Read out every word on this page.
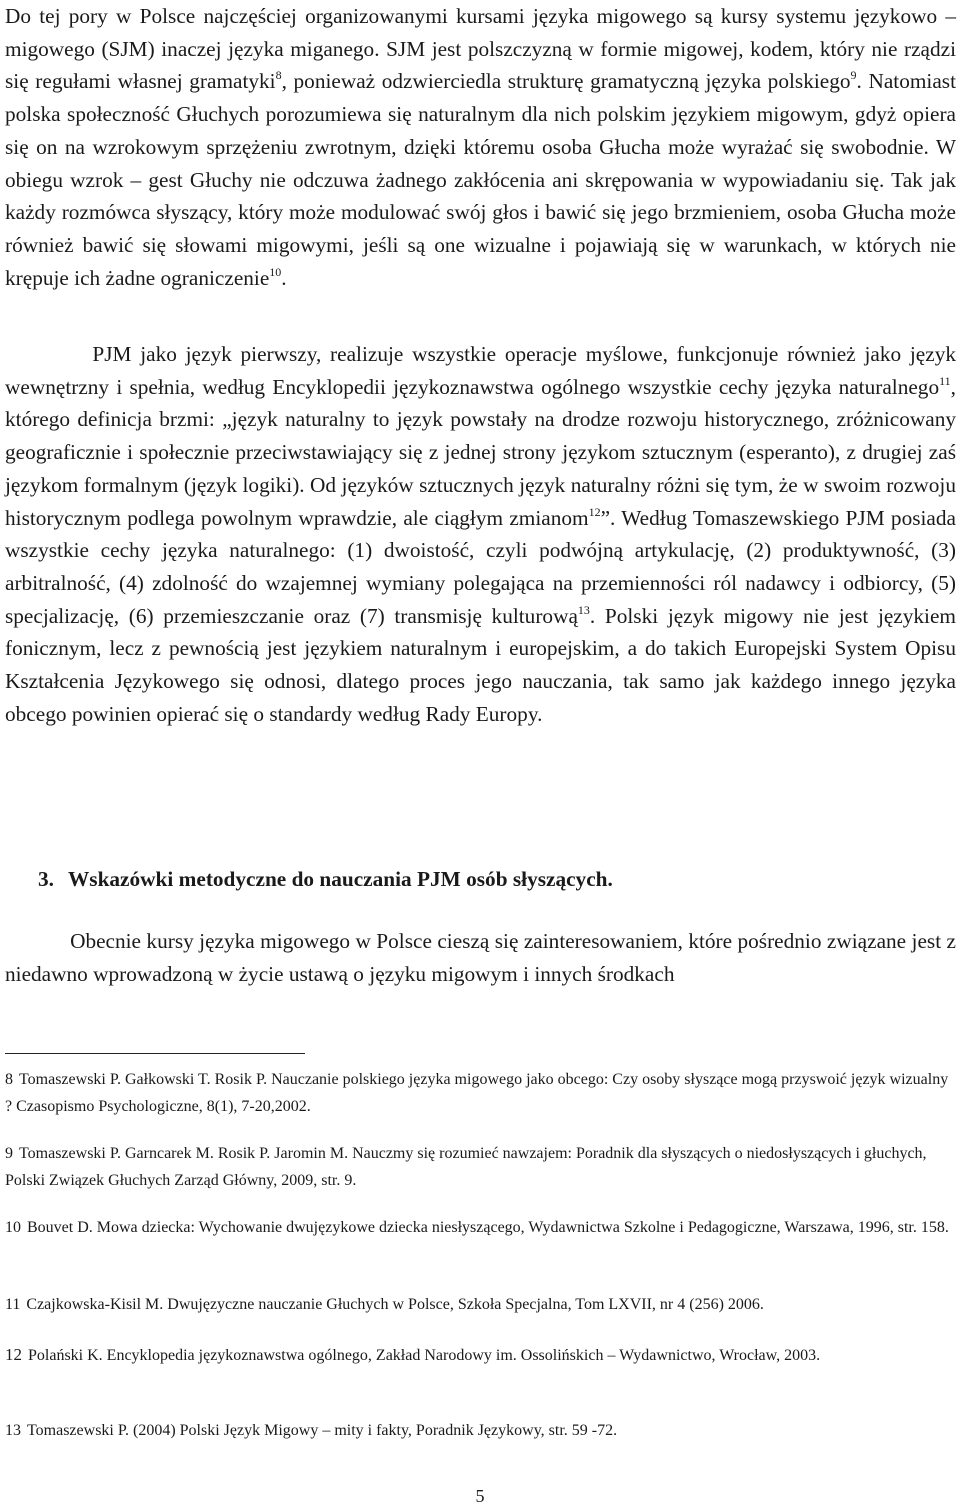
Do tej pory w Polsce najczęściej organizowanymi kursami języka migowego są kursy systemu językowo – migowego (SJM) inaczej języka miganego. SJM jest polszczyzną w formie migowej, kodem, który nie rządzi się regułami własnej gramatyki$^8$, ponieważ odzwierciedla strukturę gramatyczną języka polskiego$^9$. Natomiast polska społeczność Głuchych porozumiewa się naturalnym dla nich polskim językiem migowym, gdyż opiera się on na wzrokowym sprzężeniu zwrotnym, dzięki któremu osoba Głucha może wyrażać się swobodnie. W obiegu wzrok – gest Głuchy nie odczuwa żadnego zakłócenia ani skrępowania w wypowiadaniu się. Tak jak każdy rozmówca słyszący, który może modulować swój głos i bawić się jego brzmieniem, osoba Głucha może również bawić się słowami migowymi, jeśli są one wizualne i pojawiają się w warunkach, w których nie krępuje ich żadne ograniczenie$^{10}$.

PJM jako język pierwszy, realizuje wszystkie operacje myślowe, funkcjonuje również jako język wewnętrzny i spełnia, według Encyklopedii językoznawstwa ogólnego wszystkie cechy języka naturalnego$^{11}$, którego definicja brzmi: „język naturalny to język powstały na drodze rozwoju historycznego, zróżnicowany geograficznie i społecznie przeciwstawiający się z jednej strony językom sztucznym (esperanto), z drugiej zaś językom formalnym (język logiki). Od języków sztucznych język naturalny różni się tym, że w swoim rozwoju historycznym podlega powolnym wprawdzie, ale ciągłym zmianom$^{12}$”. Według Tomaszewskiego PJM posiada wszystkie cechy języka naturalnego: (1) dwoistość, czyli podwójną artykulację, (2) produktywność, (3) arbitralność, (4) zdolność do wzajemnej wymiany polegająca na przemienności ról nadawcy i odbiorcy, (5) specjalizację, (6) przemieszczanie oraz (7) transmisję kulturową$^{13}$. Polski język migowy nie jest językiem fonicznym, lecz z pewnością jest językiem naturalnym i europejskim, a do takich Europejski System Opisu Kształcenia Językowego się odnosi, dlatego proces jego nauczania, tak samo jak każdego innego języka obcego powinien opierać się o standardy według Rady Europy.

3. Wskazówki metodyczne do nauczania PJM osób słyszących.

Obecnie kursy języka migowego w Polsce cieszą się zainteresowaniem, które pośrednio związane jest z niedawno wprowadzoną w życie ustawą o języku migowym i innych środkach

8 Tomaszewski P. Gałkowski T. Rosik P. Nauczanie polskiego języka migowego jako obcego: Czy osoby słyszące mogą przyswoić język wizualny ? Czasopismo Psychologiczne, 8(1), 7-20,2002.

9 Tomaszewski P. Garncarek M. Rosik P. Jaromin M. Nauczmy się rozumieć nawzajem: Poradnik dla słyszących o niedosłyszących i głuchych, Polski Związek Głuchych Zarząd Główny, 2009, str. 9.

10 Bouvet D. Mowa dziecka: Wychowanie dwujęzykowe dziecka niesłyszącego, Wydawnictwa Szkolne i Pedagogiczne, Warszawa, 1996, str. 158.

11 Czajkowska-Kisil M. Dwujęzyczne nauczanie Głuchych w Polsce, Szkoła Specjalna, Tom LXVII, nr 4 (256) 2006.

12 Polański K. Encyklopedia językoznawstwa ogólnego, Zakład Narodowy im. Ossolińskich – Wydawnictwo, Wrocław, 2003.

13 Tomaszewski P. (2004) Polski Język Migowy – mity i fakty, Poradnik Językowy, str. 59 -72.

5
